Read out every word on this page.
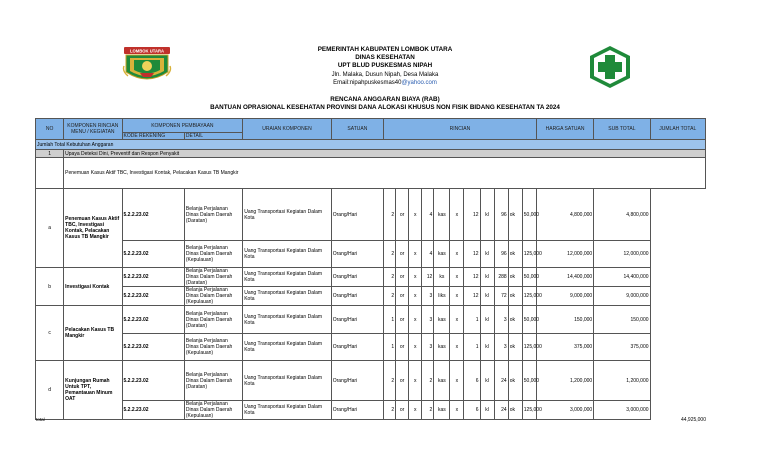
LOMBOK UTARA	PEMERINTAH KABUPATEN LOMBOK UTARA
DINAS KESEHATAN
UPT BLUD PUSKESMAS NIPAH
Jln. Malaka, Dusun Nipah, Desa Malaka
Email:nipahpuskesmas40@yahoo.com
RENCANA ANGGARAN BIAYA (RAB)
BANTUAN OPRASIONAL KESEHATAN PROVINSI DANA ALOKASI KHUSUS NON FISIK BIDANG KESEHATAN TA 2024
NO	KOMPONEN RINCIAN MENU / KEGIATAN	KOMPONEN PEMBIAYAAN		URAIAN KOMPONEN	SATUAN	RINCIAN											HARGA SATUAN	SUB TOTAL	JUMLAH TOTAL
		KODE REKENING	DETAIL																
Jumlah Total Kebutuhan Anggaran																			
1	Upaya Deteksi Dini, Preventif dan Respon Penyakit																		
	Penemuan Kasus Aktif TBC, Investigasi Kontak, Pelacakan Kasus TB Mangkir																		
a	Penemuan Kasus Aktif TBC, Investigasi Kontak, Pelacakan Kasus TB Mangkir	5.2.2.23.02	Belanja Perjalanan Dinas Dalam Daerah (Daratan)	Uang Transportasi Kegiatan Dalam Kota	Orang/Hari	2	or	x	4	kas	x	12	kl	96	ok	50,000	4,800,000	4,800,000	
		5.2.2.23.02	Belanja Perjalanan Dinas Dalam Daerah (Kepulauan)	Uang Transportasi Kegiatan Dalam Kota	Orang/Hari	2	or	x	4	kas	x	12	kl	96	ok	125,000	12,000,000	12,000,000	
b	Investigasi Kontak	5.2.2.23.02	Belanja Perjalanan Dinas Dalam Daerah (Daratan)	Uang Transportasi Kegiatan Dalam Kota	Orang/Hari	2	or	x	12	ks	x	12	kl	288	ok	50,000	14,400,000	14,400,000	
		5.2.2.23.02	Belanja Perjalanan Dinas Dalam Daerah (Kepulauan)	Uang Transportasi Kegiatan Dalam Kota	Orang/Hari	2	or	x	3	Iiks	x	12	kl	72	ok	125,000	9,000,000	9,000,000	
c	Pelacakan Kasus TB Mangkir	5.2.2.23.02	Belanja Perjalanan Dinas Dalam Daerah (Daratan)	Uang Transportasi Kegiatan Dalam Kota	Orang/Hari	1	or	x	3	kas	x	1	kl	3	ok	50,000	150,000	150,000	
		5.2.2.23.02	Belanja Perjalanan Dinas Dalam Daerah (Kepulauan)	Uang Transportasi Kegiatan Dalam Kota	Orang/Hari	1	or	x	3	kas	x	1	kl	3	ok	125,000	375,000	375,000	
d	Kunjungan Rumah Untuk TPT, Pemantauan Minum OAT	5.2.2.23.02	Belanja Perjalanan Dinas Dalam Daerah (Daratan)	Uang Transportasi Kegiatan Dalam Kota	Orang/Hari	2	or	x	2	kas	x	6	kl	24	ok	50,000	1,200,000	1,200,000	
		5.2.2.23.02	Belanja Perjalanan Dinas Dalam Daerah (Kepulauan)	Uang Transportasi Kegiatan Dalam Kota	Orang/Hari	2	or	x	2	kas	x	6	kl	24	ok	125,000	3,000,000	3,000,000	
total	44,925,000
